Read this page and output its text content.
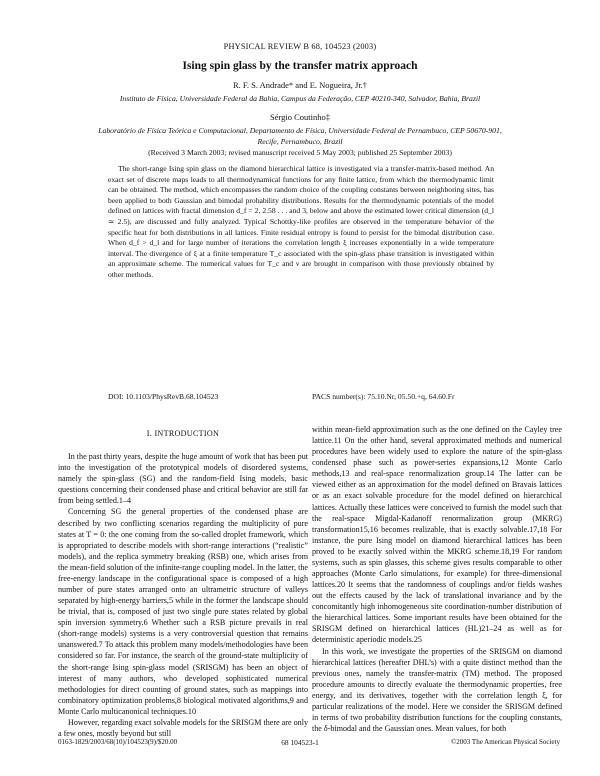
PHYSICAL REVIEW B 68, 104523 (2003)
Ising spin glass by the transfer matrix approach
R. F. S. Andrade* and E. Nogueira, Jr.†
Instituto de Física, Universidade Federal da Bahia, Campus da Federação, CEP 40210-340, Salvador, Bahia, Brazil
Sérgio Coutinho‡
Laboratório de Física Teórica e Computacional, Departamento de Física, Universidade Federal de Pernambuco, CEP 50670-901,
Recife, Pernambuco, Brazil
(Received 3 March 2003; revised manuscript received 5 May 2003; published 25 September 2003)

The short-range Ising spin glass on the diamond hierarchical lattice is investigated via a transfer-matrix-based method. An exact set of discrete maps leads to all thermodynamical functions for any finite lattice, from which the thermodynamic limit can be obtained. The method, which encompasses the random choice of the coupling constants between neighboring sites, has been applied to both Gaussian and bimodal probability distributions. Results for the thermodynamic potentials of the model defined on lattices with fractal dimension d_f = 2, 2.58 . . . and 3, below and above the estimated lower critical dimension (d_l ≃ 2.5), are discussed and fully analyzed. Typical Schottky-like profiles are observed in the temperature behavior of the specific heat for both distributions in all lattices. Finite residual entropy is found to persist for the bimodal distribution case. When d_f > d_l and for large number of iterations the correlation length ξ increases exponentially in a wide temperature interval. The divergence of ξ at a finite temperature T_c associated with the spin-glass phase transition is investigated within an approximate scheme. The numerical values for T_c and ν are brought in comparison with those previously obtained by other methods.

DOI: 10.1103/PhysRevB.68.104523	PACS number(s): 75.10.Nr, 05.50.+q, 64.60.Fr

I. INTRODUCTION

In the past thirty years, despite the huge amount of work that has been put into the investigation of the prototypical models of disordered systems, namely the spin-glass (SG) and the random-field Ising models, basic questions concerning their condensed phase and critical behavior are still far from being settled.1–4

Concerning SG the general properties of the condensed phase are described by two conflicting scenarios regarding the multiplicity of pure states at T = 0: the one coming from the so-called droplet framework, which is appropriated to describe models with short-range interactions (“realistic” models), and the replica symmetry breaking (RSB) one, which arises from the mean-field solution of the infinite-range coupling model. In the latter, the free-energy landscape in the configurational space is composed of a high number of pure states arranged onto an ultrametric structure of valleys separated by high-energy barriers,5 while in the former the landscape should be trivial, that is, composed of just two single pure states related by global spin inversion symmetry.6 Whether such a RSB picture prevails in real (short-range models) systems is a very controversial question that remains unanswered.7 To attack this problem many models/methodologies have been considered so far. For instance, the search of the ground-state multiplicity of the short-range Ising spin-glass model (SRISGM) has been an object of interest of many authors, who developed sophisticated numerical methodologies for direct counting of ground states, such as mappings into combinatory optimization problems,8 biological motivated algorithms,9 and Monte Carlo multicanonical techniques.10

However, regarding exact solvable models for the SRISGM there are only a few ones, mostly beyond but still

within mean-field approximation such as the one defined on the Cayley tree lattice.11 On the other hand, several approximated methods and numerical procedures have been widely used to explore the nature of the spin-glass condensed phase such as power-series expansions,12 Monte Carlo methods,13 and real-space renormalization group.14 The latter can be viewed either as an approximation for the model defined on Bravais lattices or as an exact solvable procedure for the model defined on hierarchical lattices. Actually these lattices were conceived to furnish the model such that the real-space Migdal-Kadanoff renormalization group (MKRG) transformation15,16 becomes realizable, that is exactly solvable.17,18 For instance, the pure Ising model on diamond hierarchical lattices has been proved to be exactly solved within the MKRG scheme.18,19 For random systems, such as spin glasses, this scheme gives results comparable to other approaches (Monte Carlo simulations, for example) for three-dimensional lattices.20 It seems that the randomness of couplings and/or fields washes out the effects caused by the lack of translational invariance and by the concomitantly high inhomogeneous site coordination-number distribution of the hierarchical lattices. Some important results have been obtained for the SRISGM defined on hierarchical lattices (HL)21–24 as well as for deterministic aperiodic models.25

In this work, we investigate the properties of the SRISGM on diamond hierarchical lattices (hereafter DHL’s) with a quite distinct method than the previous ones, namely the transfer-matrix (TM) method. The proposed procedure amounts to directly evaluate the thermodynamic properties, free energy, and its derivatives, together with the correlation length ξ, for particular realizations of the model. Here we consider the SRISGM defined in terms of two probability distribution functions for the coupling constants, the δ-bimodal and the Gaussian ones. Mean values, for both

0163-1829/2003/68(10)/104523(9)/$20.00	68 104523-1	©2003 The American Physical Society
